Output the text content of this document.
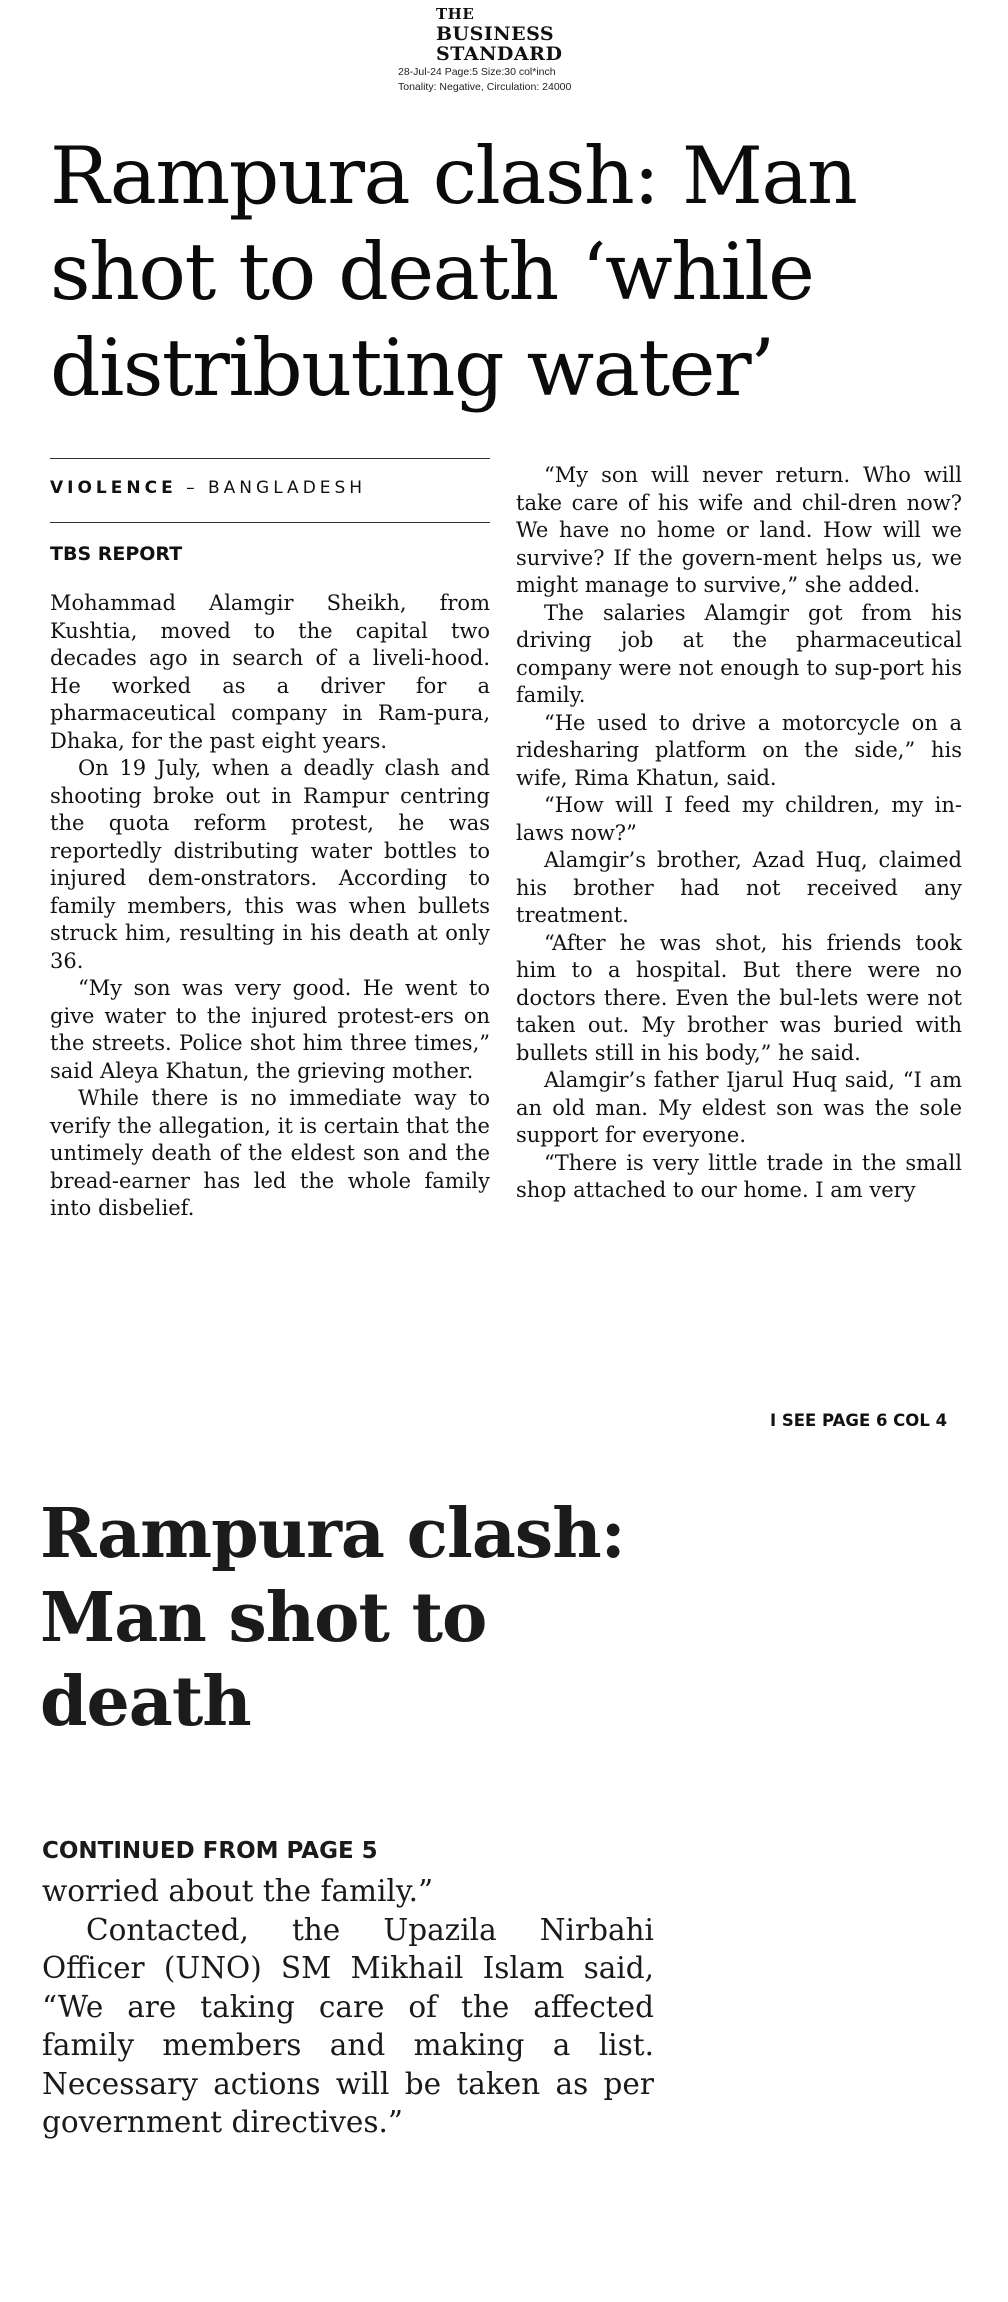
THE
BUSINESS
STANDARD
28-Jul-24 Page:5 Size:30 col*inch
Tonality: Negative, Circulation: 24000
Rampura clash: Man shot to death ‘while distributing water’
VIOLENCE – BANGLADESH
TBS REPORT

Mohammad Alamgir Sheikh, from Kushtia, moved to the capital two decades ago in search of a liveli-hood. He worked as a driver for a pharmaceutical company in Ram-pura, Dhaka, for the past eight years.

On 19 July, when a deadly clash and shooting broke out in Rampur centring the quota reform protest, he was reportedly distributing water bottles to injured dem-onstrators. According to family members, this was when bullets struck him, resulting in his death at only 36.

“My son was very good. He went to give water to the injured protest-ers on the streets. Police shot him three times,” said Aleya Khatun, the grieving mother.

While there is no immediate way to verify the allegation, it is certain that the untimely death of the eldest son and the bread-earner has led the whole family into disbelief.

“My son will never return. Who will take care of his wife and chil-dren now? We have no home or land. How will we survive? If the govern-ment helps us, we might manage to survive,” she added.

The salaries Alamgir got from his driving job at the pharmaceutical company were not enough to sup-port his family.

“He used to drive a motorcycle on a ridesharing platform on the side,” his wife, Rima Khatun, said.

“How will I feed my children, my in-laws now?”

Alamgir’s brother, Azad Huq, claimed his brother had not received any treatment.

“After he was shot, his friends took him to a hospital. But there were no doctors there. Even the bul-lets were not taken out. My brother was buried with bullets still in his body,” he said.

Alamgir’s father Ijarul Huq said, “I am an old man. My eldest son was the sole support for everyone.

“There is very little trade in the small shop attached to our home. I am very

I SEE PAGE 6 COL 4
Rampura clash: Man shot to death
CONTINUED FROM PAGE 5

worried about the family.”

Contacted, the Upazila Nirbahi Officer (UNO) SM Mikhail Islam said, “We are taking care of the affected family members and making a list. Necessary actions will be taken as per government directives.”
